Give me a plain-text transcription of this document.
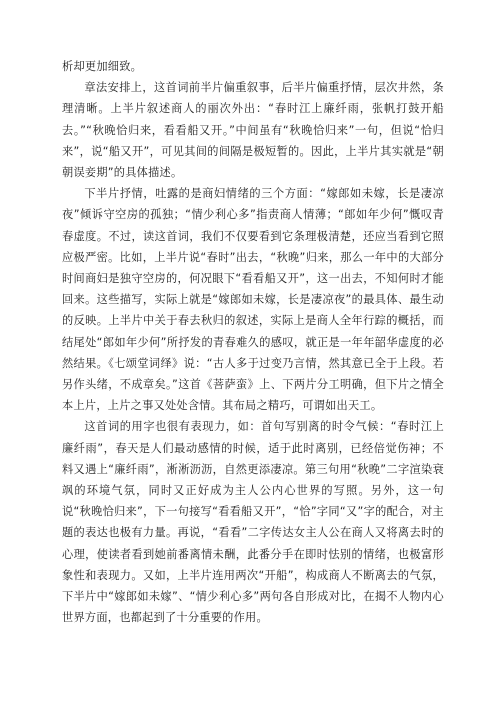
析却更加细致。

章法安排上，这首词前半片偏重叙事，后半片偏重抒情，层次井然，条理清晰。上半片叙述商人的丽次外出：“春时江上廉纤雨，张帆打鼓开船去。”“秋晚恰归来，看看船又开。”中间虽有“秋晚恰归来”一句，但说“恰归来”，说“船又开”，可见其间的间隔是极短暂的。因此，上半片其实就是“朝朝误妾期”的具体描述。

下半片抒情，吐露的是商妇情绪的三个方面：“嫁郎如未嫁，长是凄凉夜”倾诉守空房的孤独；“情少利心多”指责商人情薄；“郎如年少何”慨叹青春虚度。不过，读这首词，我们不仅要看到它条理极清楚，还应当看到它照应极严密。比如，上半片说“春时”出去，“秋晚”归来，那么一年中的大部分时间商妇是独守空房的，何况眼下“看看船又开”，这一出去，不知何时才能回来。这些描写，实际上就是“嫁郎如未嫁，长是凄凉夜”的最具体、最生动的反映。上半片中关于春去秋归的叙述，实际上是商人全年行踪的概括，而结尾处“郎如年少何”所抒发的青春难久的感叹，就正是一年年韶华虚度的必然结果。《七颂堂词绎》说：“古人多于过变乃言情，然其意已全于上段。若另作头绪，不成章矣。”这首《菩萨蛮》上、下两片分工明确，但下片之情全本上片，上片之事又处处含情。其布局之精巧，可谓如出天工。

这首词的用字也很有表现力，如：首句写别离的时令气候：“春时江上廉纤雨”，春天是人们最动感情的时候，适于此时离别，已经倍觉伤神；不料又遇上“廉纤雨”，淅淅沥沥，自然更添凄凉。第三句用“秋晚”二字渲染衰飒的环境气氛，同时又正好成为主人公内心世界的写照。另外，这一句说“秋晚恰归来”，下一句接写“看看船又开”，“恰”字同“又”字的配合，对主题的表达也极有力量。再说，“看看”二字传达女主人公在商人又将离去时的心理，使读者看到她前番离情未酬，此番分手在即时怯别的情绪，也极富形象性和表现力。又如，上半片连用两次“开船”，构成商人不断离去的气氛，下半片中“嫁郎如未嫁”、“情少利心多”两句各自形成对比，在揭不人物内心世界方面，也都起到了十分重要的作用。
